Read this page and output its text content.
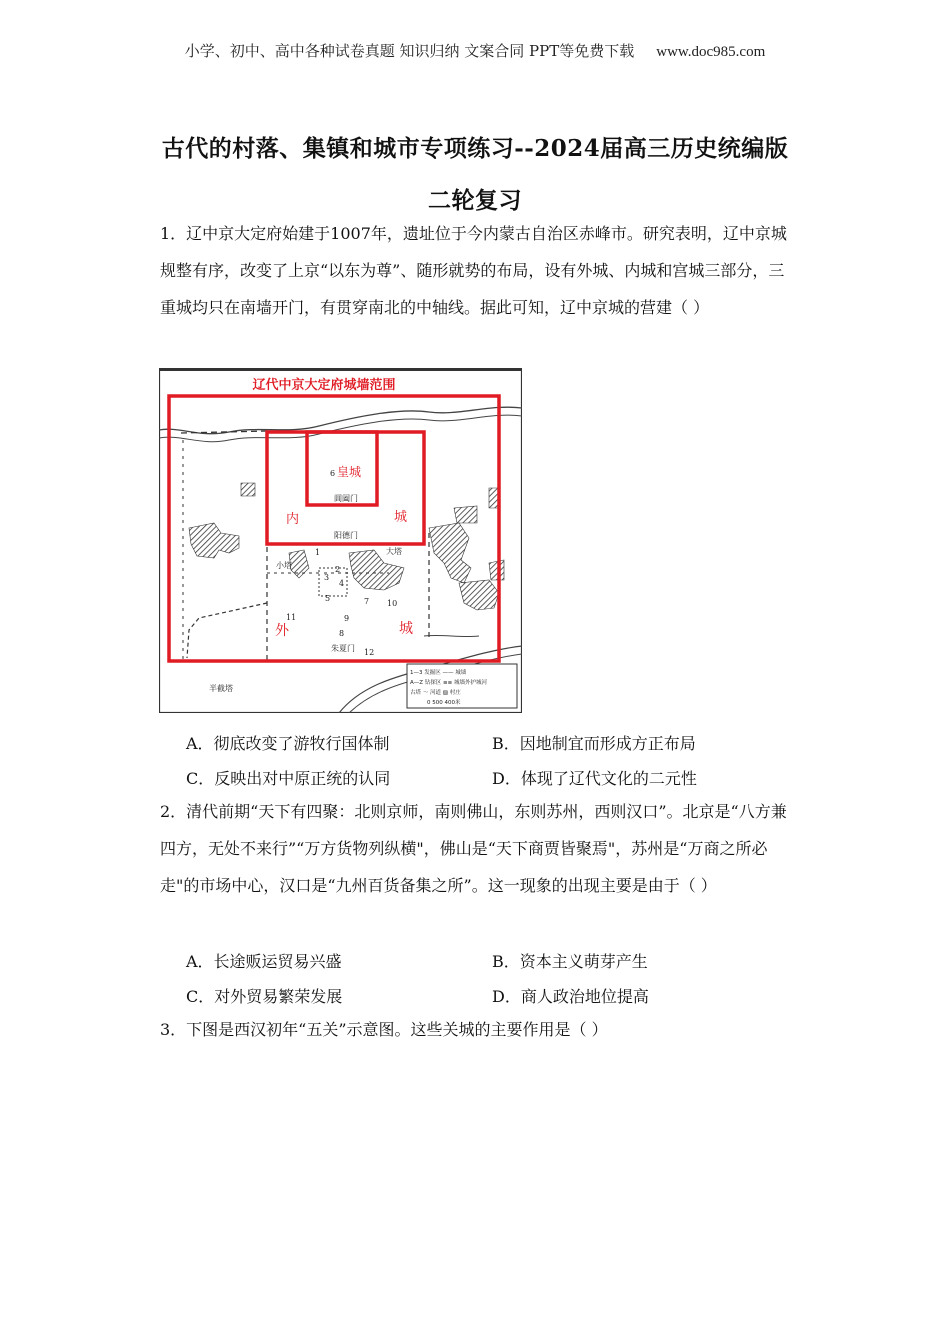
小学、初中、高中各种试卷真题 知识归纳 文案合同 PPT等免费下载 www.doc985.com
古代的村落、集镇和城市专项练习--2024届高三历史统编版
二轮复习
1．辽中京大定府始建于1007年，遗址位于今内蒙古自治区赤峰市。研究表明，辽中京城规整有序，改变了上京“以东为尊”、随形就势的布局，设有外城、内城和宫城三部分，三重城均只在南墙开门，有贯穿南北的中轴线。据此可知，辽中京城的营建（ ）
辽代中京大定府城墙范围
皇城
内	城
外	城
阊阖门
阳德门
朱夏门
小塔
大塔
半截塔
1
2
3
4
5
6
7
8
9
10
11
12
1—3 发掘区 —— 城墙
A—Z 钻探区 ≡≡ 城墙外护城河
古塔 ～ 河道 ▨ 村庄
0 500 400米
A．彻底改变了游牧行国体制	B．因地制宜而形成方正布局
C．反映出对中原正统的认同	D．体现了辽代文化的二元性
2．清代前期“天下有四聚：北则京师，南则佛山，东则苏州，西则汉口”。北京是“八方兼四方，无处不来行”“万方货物列纵横"，佛山是“天下商贾皆聚焉"，苏州是“万商之所必走"的市场中心，汉口是“九州百货备集之所”。这一现象的出现主要是由于（ ）
A．长途贩运贸易兴盛	B．资本主义萌芽产生
C．对外贸易繁荣发展	D．商人政治地位提高
3．下图是西汉初年“五关”示意图。这些关城的主要作用是（ ）
